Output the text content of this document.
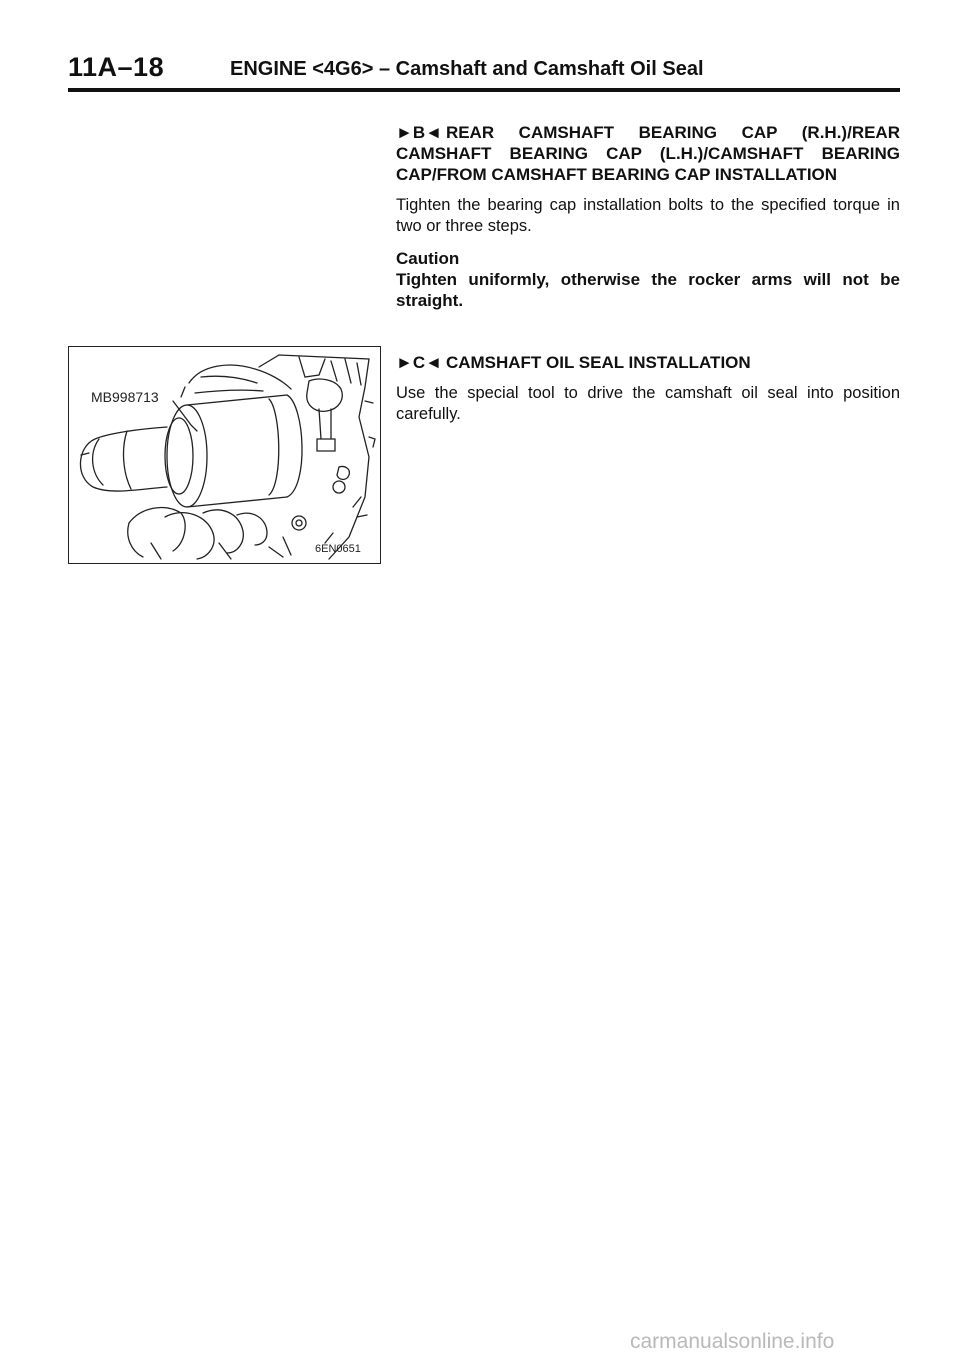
11A–18	ENGINE <4G6> – Camshaft and Camshaft Oil Seal
►B◄ REAR CAMSHAFT BEARING CAP (R.H.)/REAR CAMSHAFT BEARING CAP (L.H.)/CAMSHAFT BEARING CAP/FROM CAMSHAFT BEARING CAP INSTALLATION
Tighten the bearing cap installation bolts to the specified torque in two or three steps.
Caution
Tighten uniformly, otherwise the rocker arms will not be straight.
►C◄ CAMSHAFT OIL SEAL INSTALLATION
Use the special tool to drive the camshaft oil seal into position carefully.
MB998713
6EN0651
carmanualsonline.info
